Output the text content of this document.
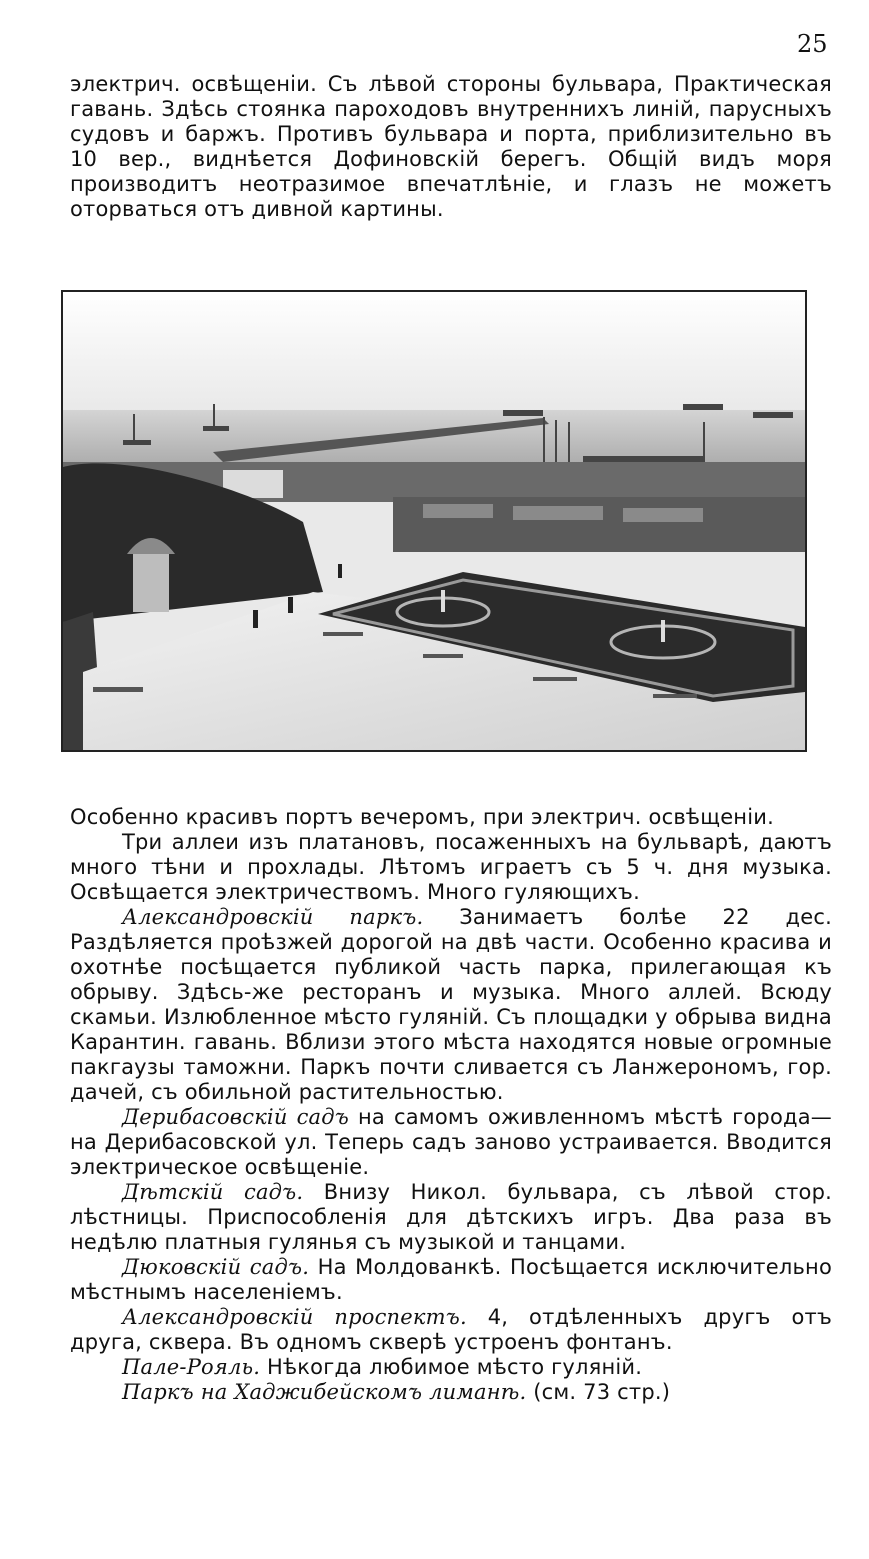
25

электрич. освѣщеніи. Съ лѣвой стороны бульвара, Практическая гавань. Здѣсь стоянка пароходовъ внутреннихъ линій, парусныхъ судовъ и баржъ. Противъ бульвара и порта, приблизительно въ 10 вер., виднѣется Дофиновскій берегъ. Общій видъ моря производитъ неотразимое впечатлѣніе, и глазъ не можетъ оторваться отъ дивной картины.

Особенно красивъ портъ вечеромъ, при электрич. освѣщеніи.

Три аллеи изъ платановъ, посаженныхъ на бульварѣ, даютъ много тѣни и прохлады. Лѣтомъ играетъ съ 5 ч. дня музыка. Освѣщается электричествомъ. Много гуляющихъ.

Александровскій паркъ. Занимаетъ болѣе 22 дес. Раздѣляется проѣзжей дорогой на двѣ части. Особенно красива и охотнѣе посѣщается публикой часть парка, прилегающая къ обрыву. Здѣсь-же ресторанъ и музыка. Много аллей. Всюду скамьи. Излюбленное мѣсто гуляній. Съ площадки у обрыва видна Карантин. гавань. Вблизи этого мѣста находятся новые огромные пакгаузы таможни. Паркъ почти сливается съ Ланжерономъ, гор. дачей, съ обильной растительностью.

Дерибасовскій садъ на самомъ оживленномъ мѣстѣ города—на Дерибасовской ул. Теперь садъ заново устраивается. Вводится электрическое освѣщеніе.

Дѣтскій садъ. Внизу Никол. бульвара, съ лѣвой стор. лѣстницы. Приспособленія для дѣтскихъ игръ. Два раза въ недѣлю платныя гулянья съ музыкой и танцами.

Дюковскій садъ. На Молдованкѣ. Посѣщается исключительно мѣстнымъ населеніемъ.

Александровскій проспектъ. 4, отдѣленныхъ другъ отъ друга, сквера. Въ одномъ скверѣ устроенъ фонтанъ.

Пале-Рояль. Нѣкогда любимое мѣсто гуляній.

Паркъ на Хаджибейскомъ лиманѣ. (см. 73 стр.)
